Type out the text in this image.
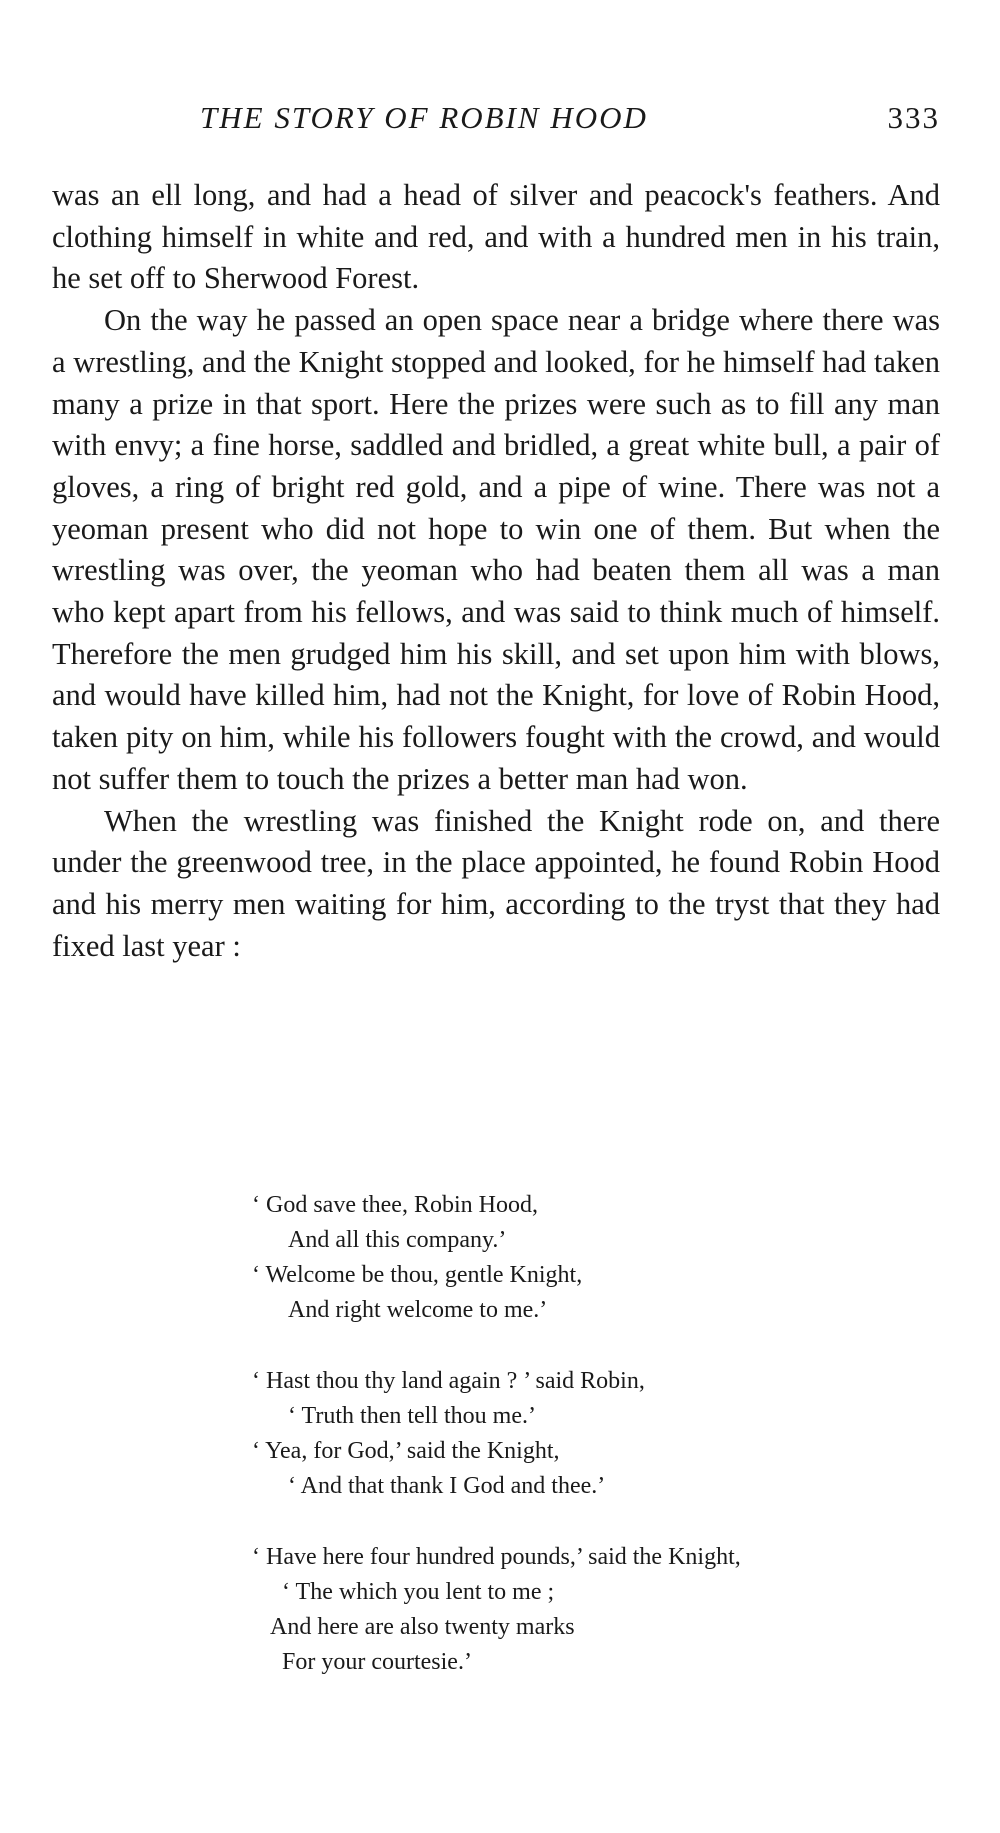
THE STORY OF ROBIN HOOD	333

was an ell long, and had a head of silver and peacock's feathers. And clothing himself in white and red, and with a hundred men in his train, he set off to Sherwood Forest.

On the way he passed an open space near a bridge where there was a wrestling, and the Knight stopped and looked, for he himself had taken many a prize in that sport. Here the prizes were such as to fill any man with envy; a fine horse, saddled and bridled, a great white bull, a pair of gloves, a ring of bright red gold, and a pipe of wine. There was not a yeoman present who did not hope to win one of them. But when the wrestling was over, the yeoman who had beaten them all was a man who kept apart from his fellows, and was said to think much of himself. Therefore the men grudged him his skill, and set upon him with blows, and would have killed him, had not the Knight, for love of Robin Hood, taken pity on him, while his followers fought with the crowd, and would not suffer them to touch the prizes a better man had won.

When the wrestling was finished the Knight rode on, and there under the greenwood tree, in the place appointed, he found Robin Hood and his merry men waiting for him, according to the tryst that they had fixed last year :

‘ God save thee, Robin Hood,
And all this company.’
‘ Welcome be thou, gentle Knight,
And right welcome to me.’
‘ Hast thou thy land again ? ’ said Robin,
‘ Truth then tell thou me.’
‘ Yea, for God,’ said the Knight,
‘ And that thank I God and thee.’
‘ Have here four hundred pounds,’ said the Knight,
‘ The which you lent to me ;
And here are also twenty marks
For your courtesie.’
